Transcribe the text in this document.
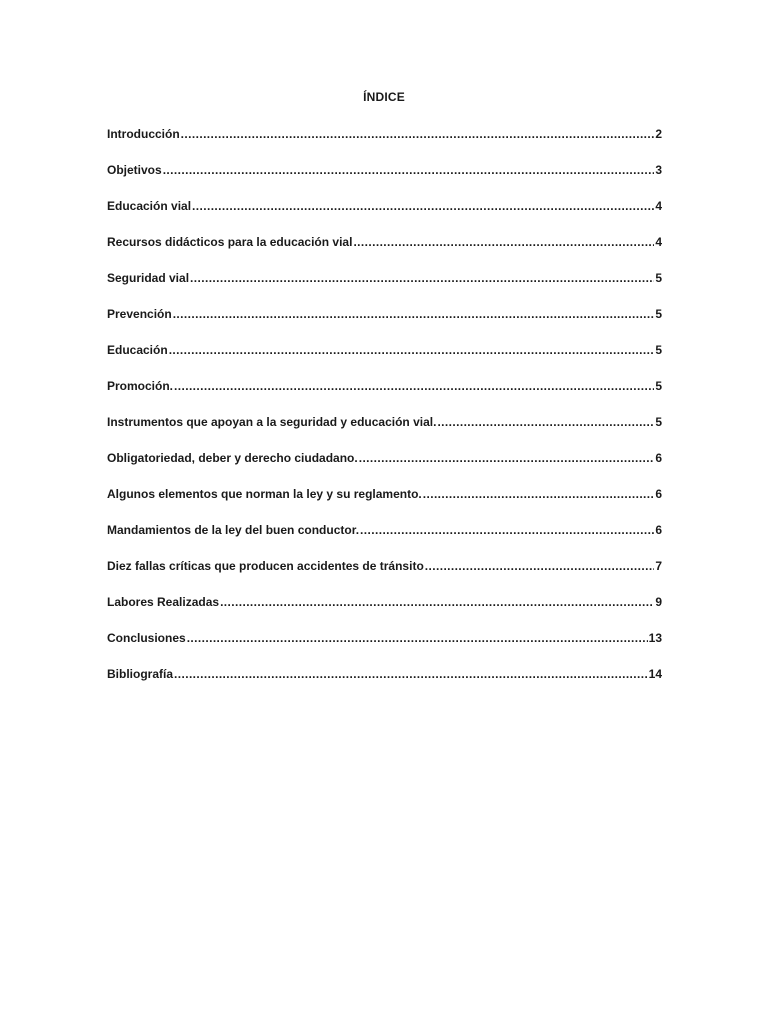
ÍNDICE
Introducción .....	2
Objetivos .....	3
Educación vial .....	4
Recursos didácticos para la educación vial .....	4
Seguridad vial .....	5
Prevención .....	5
Educación .....	5
Promoción. .....	5
Instrumentos que apoyan a la seguridad y educación vial. .....	5
Obligatoriedad, deber y derecho ciudadano. .....	6
Algunos elementos que norman la ley y su reglamento. .....	6
Mandamientos de la ley del buen conductor. .....	6
Diez fallas críticas que producen accidentes de tránsito .....	7
Labores Realizadas .....	9
Conclusiones .....	13
Bibliografía .....	14
